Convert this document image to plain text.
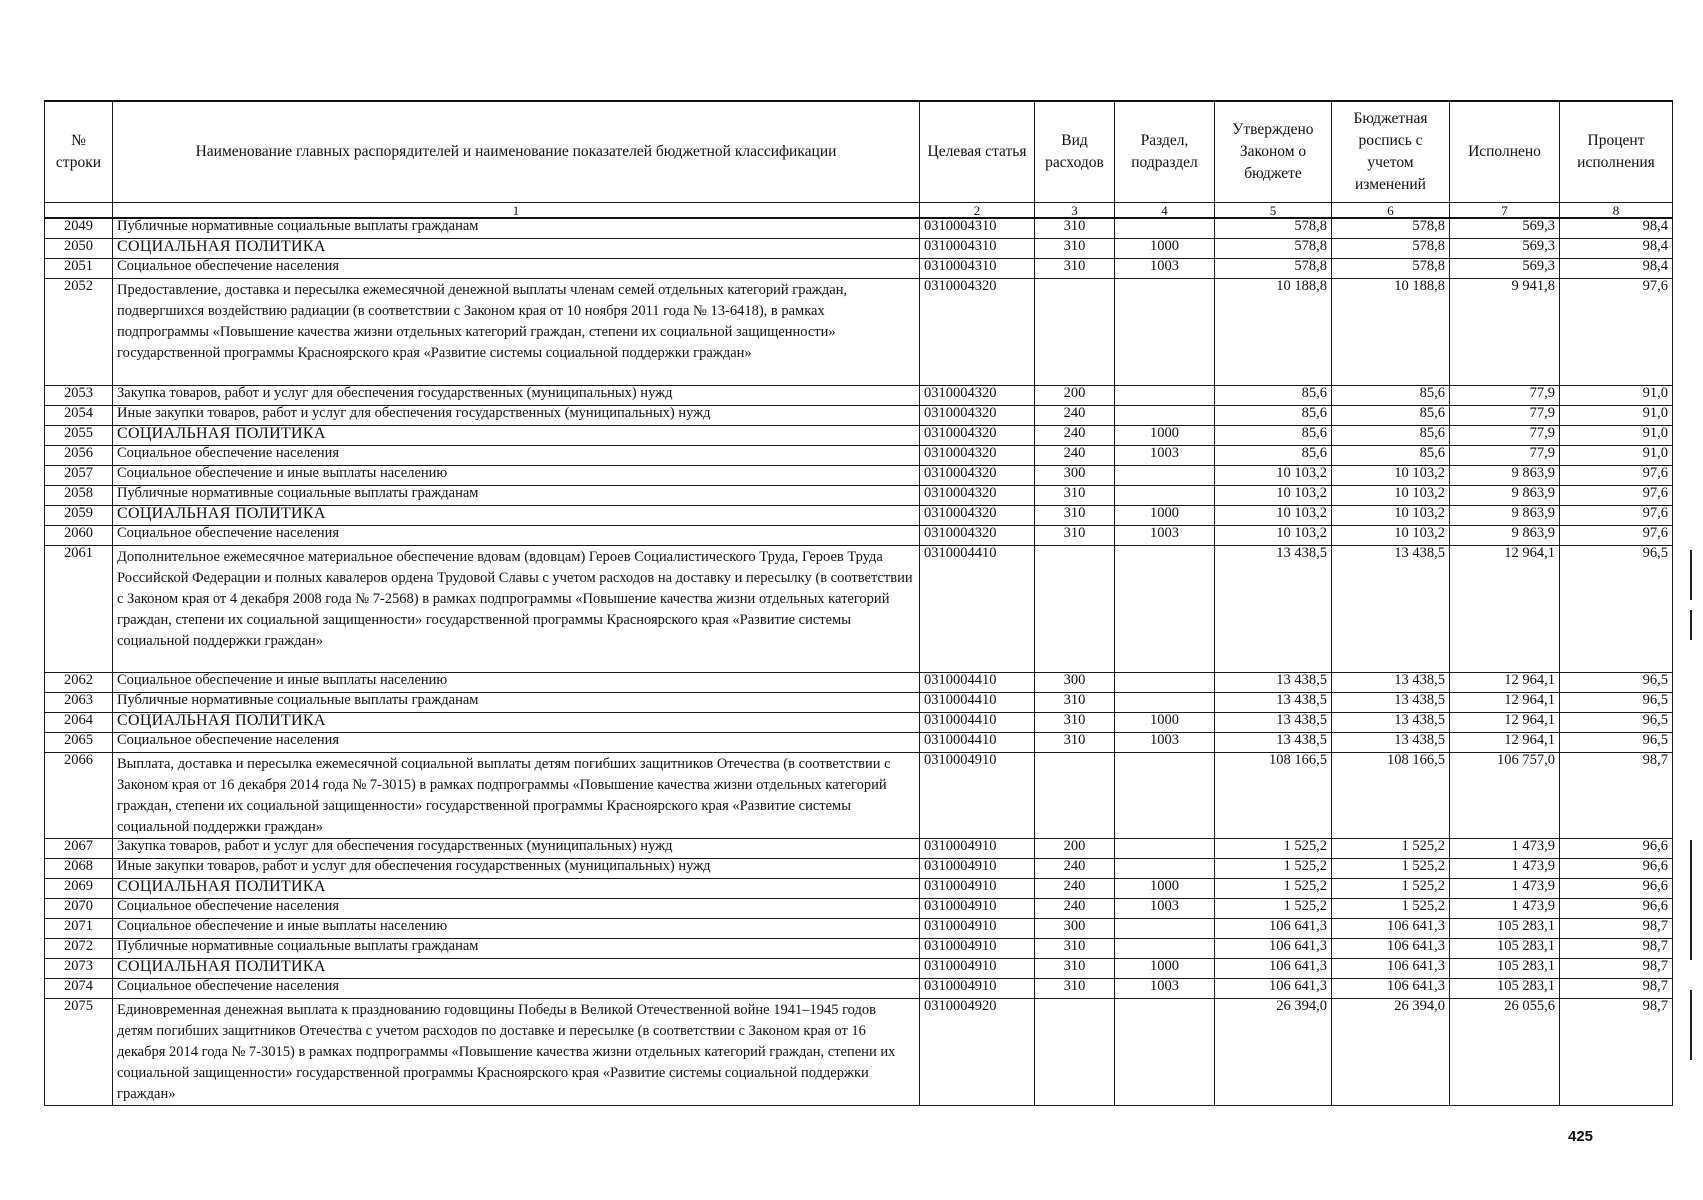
№ строки	Наименование главных распорядителей и наименование показателей бюджетной классификации	Целевая статья	Вид расходов	Раздел, подраздел	Утверждено Законом о бюджете	Бюджетная роспись с учетом изменений	Исполнено	Процент исполнения
	1	2	3	4	5	6	7	8
2049	Публичные нормативные социальные выплаты гражданам	0310004310	310		578,8	578,8	569,3	98,4
2050	СОЦИАЛЬНАЯ ПОЛИТИКА	0310004310	310	1000	578,8	578,8	569,3	98,4
2051	Социальное обеспечение населения	0310004310	310	1003	578,8	578,8	569,3	98,4
2052	Предоставление, доставка и пересылка ежемесячной денежной выплаты членам семей отдельных категорий граждан, подвергшихся воздействию радиации (в соответствии с Законом края от 10 ноября 2011 года № 13-6418), в рамках подпрограммы «Повышение качества жизни отдельных категорий граждан, степени их социальной защищенности» государственной программы Красноярского края «Развитие системы социальной поддержки граждан»	0310004320			10 188,8	10 188,8	9 941,8	97,6
2053	Закупка товаров, работ и услуг для обеспечения государственных (муниципальных) нужд	0310004320	200		85,6	85,6	77,9	91,0
2054	Иные закупки товаров, работ и услуг для обеспечения государственных (муниципальных) нужд	0310004320	240		85,6	85,6	77,9	91,0
2055	СОЦИАЛЬНАЯ ПОЛИТИКА	0310004320	240	1000	85,6	85,6	77,9	91,0
2056	Социальное обеспечение населения	0310004320	240	1003	85,6	85,6	77,9	91,0
2057	Социальное обеспечение и иные выплаты населению	0310004320	300		10 103,2	10 103,2	9 863,9	97,6
2058	Публичные нормативные социальные выплаты гражданам	0310004320	310		10 103,2	10 103,2	9 863,9	97,6
2059	СОЦИАЛЬНАЯ ПОЛИТИКА	0310004320	310	1000	10 103,2	10 103,2	9 863,9	97,6
2060	Социальное обеспечение населения	0310004320	310	1003	10 103,2	10 103,2	9 863,9	97,6
2061	Дополнительное ежемесячное материальное обеспечение вдовам (вдовцам) Героев Социалистического Труда, Героев Труда Российской Федерации и полных кавалеров ордена Трудовой Славы с учетом расходов на доставку и пересылку (в соответствии с Законом края от 4 декабря 2008 года № 7-2568) в рамках подпрограммы «Повышение качества жизни отдельных категорий граждан, степени их социальной защищенности» государственной программы Красноярского края «Развитие системы социальной поддержки граждан»	0310004410			13 438,5	13 438,5	12 964,1	96,5
2062	Социальное обеспечение и иные выплаты населению	0310004410	300		13 438,5	13 438,5	12 964,1	96,5
2063	Публичные нормативные социальные выплаты гражданам	0310004410	310		13 438,5	13 438,5	12 964,1	96,5
2064	СОЦИАЛЬНАЯ ПОЛИТИКА	0310004410	310	1000	13 438,5	13 438,5	12 964,1	96,5
2065	Социальное обеспечение населения	0310004410	310	1003	13 438,5	13 438,5	12 964,1	96,5
2066	Выплата, доставка и пересылка ежемесячной социальной выплаты детям погибших защитников Отечества (в соответствии с Законом края от 16 декабря 2014 года № 7-3015) в рамках подпрограммы «Повышение качества жизни отдельных категорий граждан, степени их социальной защищенности» государственной программы Красноярского края «Развитие системы социальной поддержки граждан»	0310004910			108 166,5	108 166,5	106 757,0	98,7
2067	Закупка товаров, работ и услуг для обеспечения государственных (муниципальных) нужд	0310004910	200		1 525,2	1 525,2	1 473,9	96,6
2068	Иные закупки товаров, работ и услуг для обеспечения государственных (муниципальных) нужд	0310004910	240		1 525,2	1 525,2	1 473,9	96,6
2069	СОЦИАЛЬНАЯ ПОЛИТИКА	0310004910	240	1000	1 525,2	1 525,2	1 473,9	96,6
2070	Социальное обеспечение населения	0310004910	240	1003	1 525,2	1 525,2	1 473,9	96,6
2071	Социальное обеспечение и иные выплаты населению	0310004910	300		106 641,3	106 641,3	105 283,1	98,7
2072	Публичные нормативные социальные выплаты гражданам	0310004910	310		106 641,3	106 641,3	105 283,1	98,7
2073	СОЦИАЛЬНАЯ ПОЛИТИКА	0310004910	310	1000	106 641,3	106 641,3	105 283,1	98,7
2074	Социальное обеспечение населения	0310004910	310	1003	106 641,3	106 641,3	105 283,1	98,7
2075	Единовременная денежная выплата к празднованию годовщины Победы в Великой Отечественной войне 1941–1945 годов детям погибших защитников Отечества с учетом расходов по доставке и пересылке (в соответствии с Законом края от 16 декабря 2014 года № 7-3015) в рамках подпрограммы «Повышение качества жизни отдельных категорий граждан, степени их социальной защищенности» государственной программы Красноярского края «Развитие системы социальной поддержки граждан»	0310004920			26 394,0	26 394,0	26 055,6	98,7
425
